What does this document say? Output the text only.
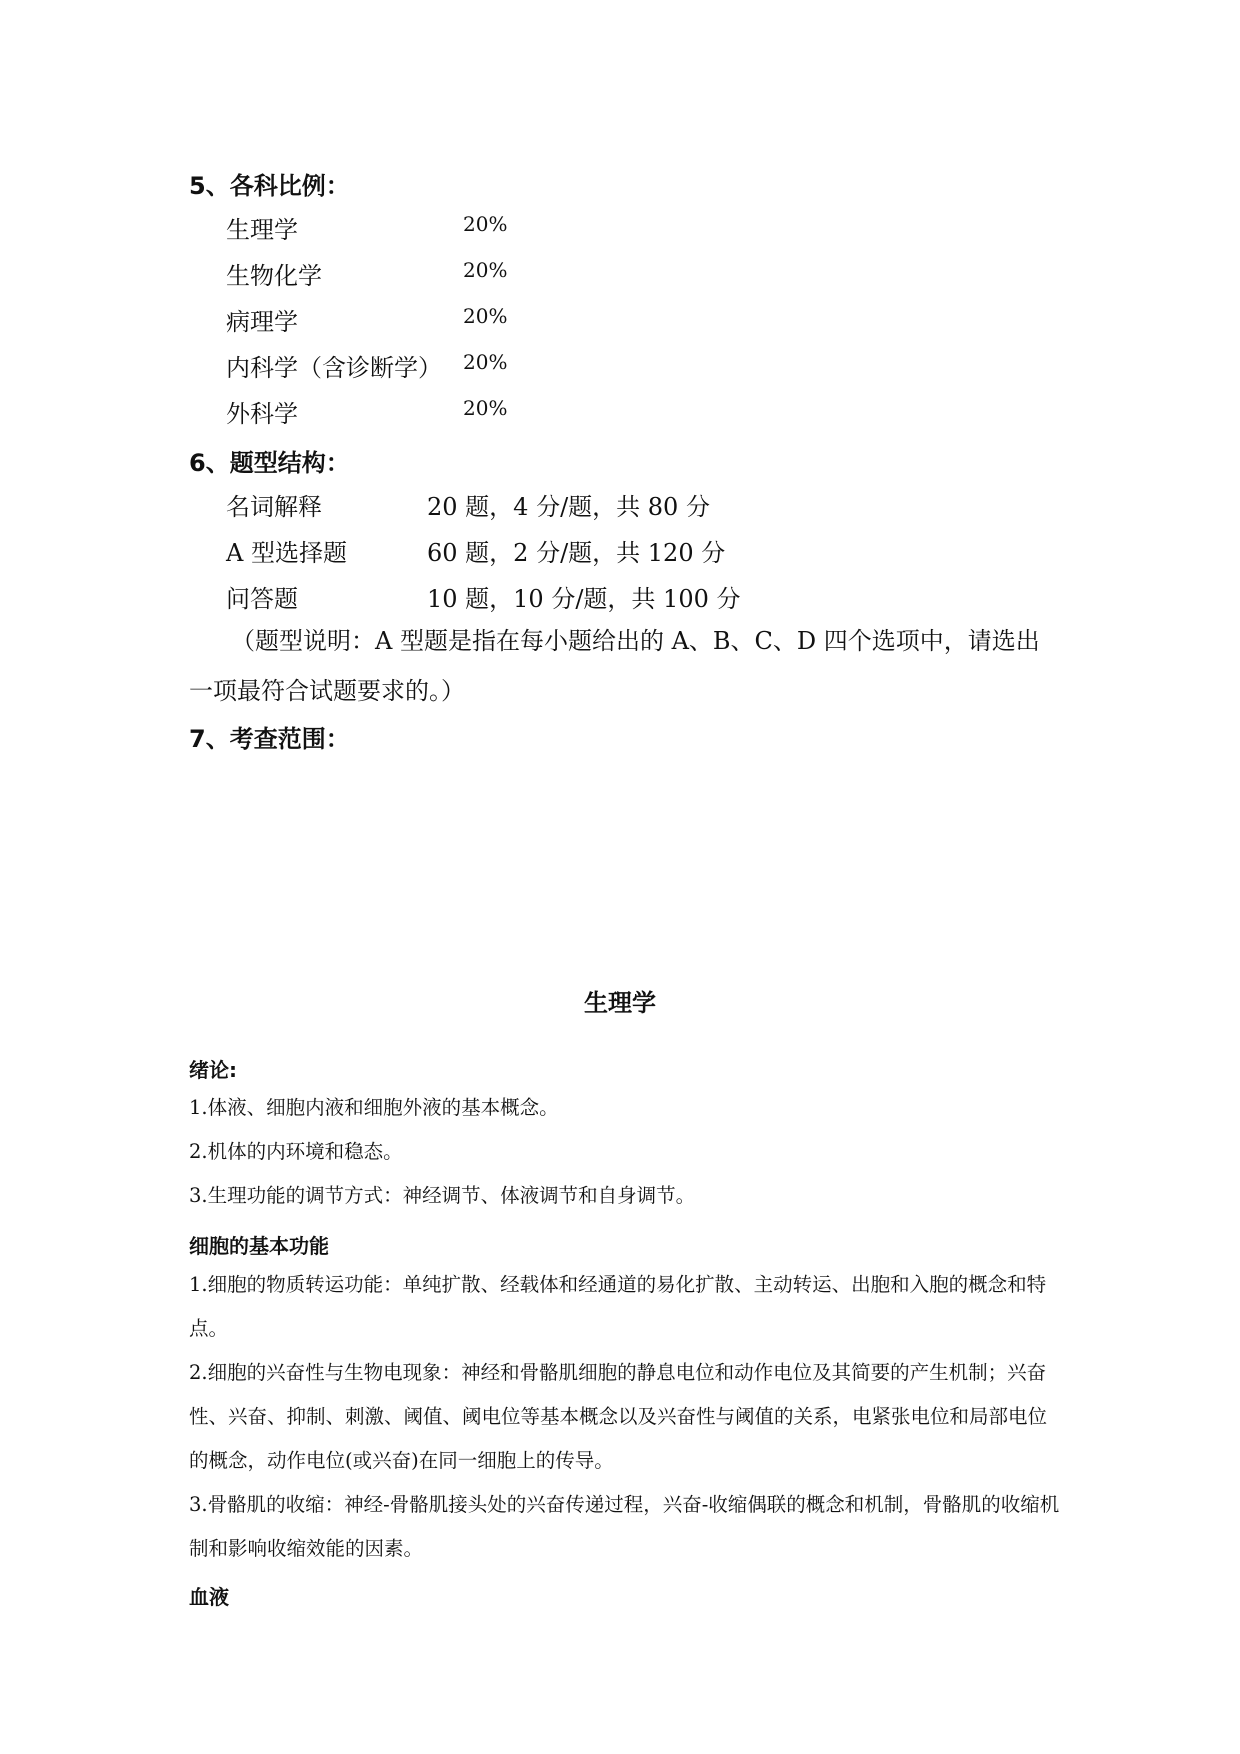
5、各科比例：
生理学	20%
生物化学	20%
病理学	20%
内科学（含诊断学） 20%
外科学	20%
6、题型结构：
名词解释	20 题，4 分/题，共 80 分
A 型选择题	60 题，2 分/题，共 120 分
问答题	10 题，10 分/题，共 100 分
（题型说明：A 型题是指在每小题给出的 A、B、C、D 四个选项中，请选出一项最符合试题要求的。）
7、考查范围：
生理学
绪论:
1.体液、细胞内液和细胞外液的基本概念。
2.机体的内环境和稳态。
3.生理功能的调节方式：神经调节、体液调节和自身调节。
细胞的基本功能
1.细胞的物质转运功能：单纯扩散、经载体和经通道的易化扩散、主动转运、出胞和入胞的概念和特点。
2.细胞的兴奋性与生物电现象：神经和骨骼肌细胞的静息电位和动作电位及其简要的产生机制；兴奋性、兴奋、抑制、刺激、阈值、阈电位等基本概念以及兴奋性与阈值的关系，电紧张电位和局部电位的概念，动作电位(或兴奋)在同一细胞上的传导。
3.骨骼肌的收缩：神经-骨骼肌接头处的兴奋传递过程，兴奋-收缩偶联的概念和机制，骨骼肌的收缩机制和影响收缩效能的因素。
血液
